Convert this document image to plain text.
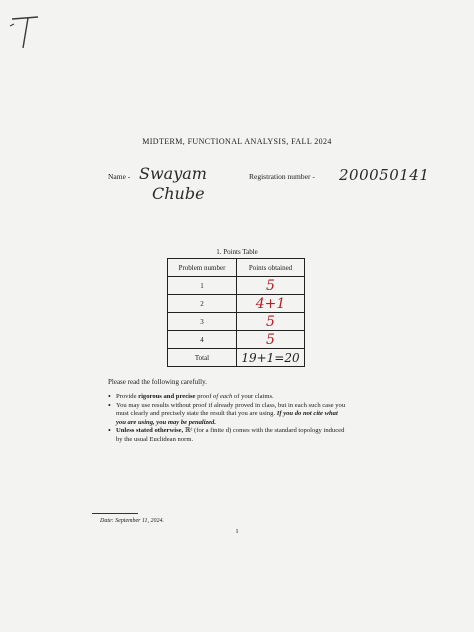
MIDTERM, FUNCTIONAL ANALYSIS, FALL 2024
Name - Swayam
Chube
Registration number - 200050141
1. Points Table
Problem number	Points obtained
1	5
2	4+1
3	5
4	5
Total	19+1=20
Please read the following carefully.
• Provide rigorous and precise proof of each of your claims.
• You may use results without proof if already proved in class, but in each such case you must clearly and precisely state the result that you are using. If you do not cite what you are using, you may be penalized.
• Unless stated otherwise, ℝᵈ (for a finite d) comes with the standard topology induced by the usual Euclidean norm.
Date: September 11, 2024.
1
